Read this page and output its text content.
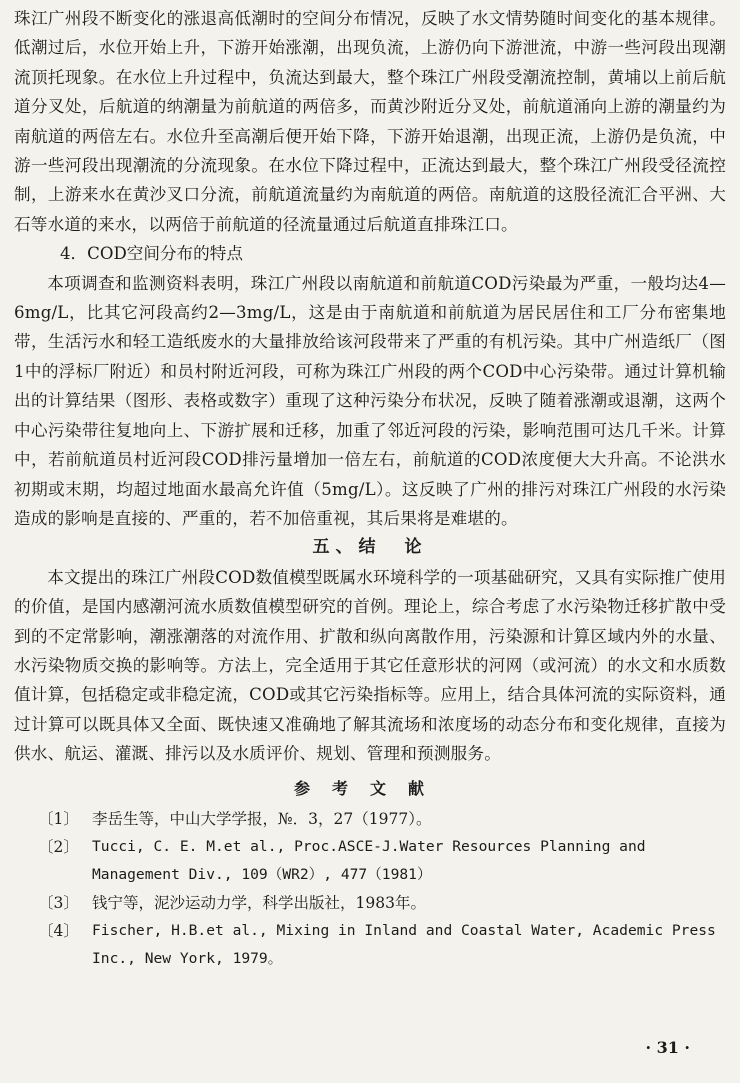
珠江广州段不断变化的涨退高低潮时的空间分布情况，反映了水文情势随时间变化的基本规律。低潮过后，水位开始上升，下游开始涨潮，出现负流，上游仍向下游泄流，中游一些河段出现潮流顶托现象。在水位上升过程中，负流达到最大，整个珠江广州段受潮流控制，黄埔以上前后航道分叉处，后航道的纳潮量为前航道的两倍多，而黄沙附近分叉处，前航道涌向上游的潮量约为南航道的两倍左右。水位升至高潮后便开始下降，下游开始退潮，出现正流，上游仍是负流，中游一些河段出现潮流的分流现象。在水位下降过程中，正流达到最大，整个珠江广州段受径流控制，上游来水在黄沙叉口分流，前航道流量约为南航道的两倍。南航道的这股径流汇合平洲、大石等水道的来水，以两倍于前航道的径流量通过后航道直排珠江口。

4．COD空间分布的特点

本项调查和监测资料表明，珠江广州段以南航道和前航道COD污染最为严重，一般均达4—6mg/L，比其它河段高约2—3mg/L，这是由于南航道和前航道为居民居住和工厂分布密集地带，生活污水和轻工造纸废水的大量排放给该河段带来了严重的有机污染。其中广州造纸厂（图1中的浮标厂附近）和员村附近河段，可称为珠江广州段的两个COD中心污染带。通过计算机输出的计算结果（图形、表格或数字）重现了这种污染分布状况，反映了随着涨潮或退潮，这两个中心污染带往复地向上、下游扩展和迁移，加重了邻近河段的污染，影响范围可达几千米。计算中，若前航道员村近河段COD排污量增加一倍左右，前航道的COD浓度便大大升高。不论洪水初期或末期，均超过地面水最高允许值（5mg/L）。这反映了广州的排污对珠江广州段的水污染造成的影响是直接的、严重的，若不加倍重视，其后果将是难堪的。

五、结　论

本文提出的珠江广州段COD数值模型既属水环境科学的一项基础研究，又具有实际推广使用的价值，是国内感潮河流水质数值模型研究的首例。理论上，综合考虑了水污染物迁移扩散中受到的不定常影响，潮涨潮落的对流作用、扩散和纵向离散作用，污染源和计算区域内外的水量、水污染物质交换的影响等。方法上，完全适用于其它任意形状的河网（或河流）的水文和水质数值计算，包括稳定或非稳定流，COD或其它污染指标等。应用上，结合具体河流的实际资料，通过计算可以既具体又全面、既快速又准确地了解其流场和浓度场的动态分布和变化规律，直接为供水、航运、灌溉、排污以及水质评价、规划、管理和预测服务。

参考文献
〔1〕 李岳生等，中山大学学报，№．3，27（1977）。
〔2〕 Tucci, C. E. M.et al., Proc.ASCE-J.Water Resources Planning and Management Div., 109（WR2）, 477（1981）
〔3〕 钱宁等，泥沙运动力学，科学出版社，1983年。
〔4〕 Fischer, H.B.et al., Mixing in Inland and Coastal Water, Academic Press Inc., New York, 1979。
· 31 ·
